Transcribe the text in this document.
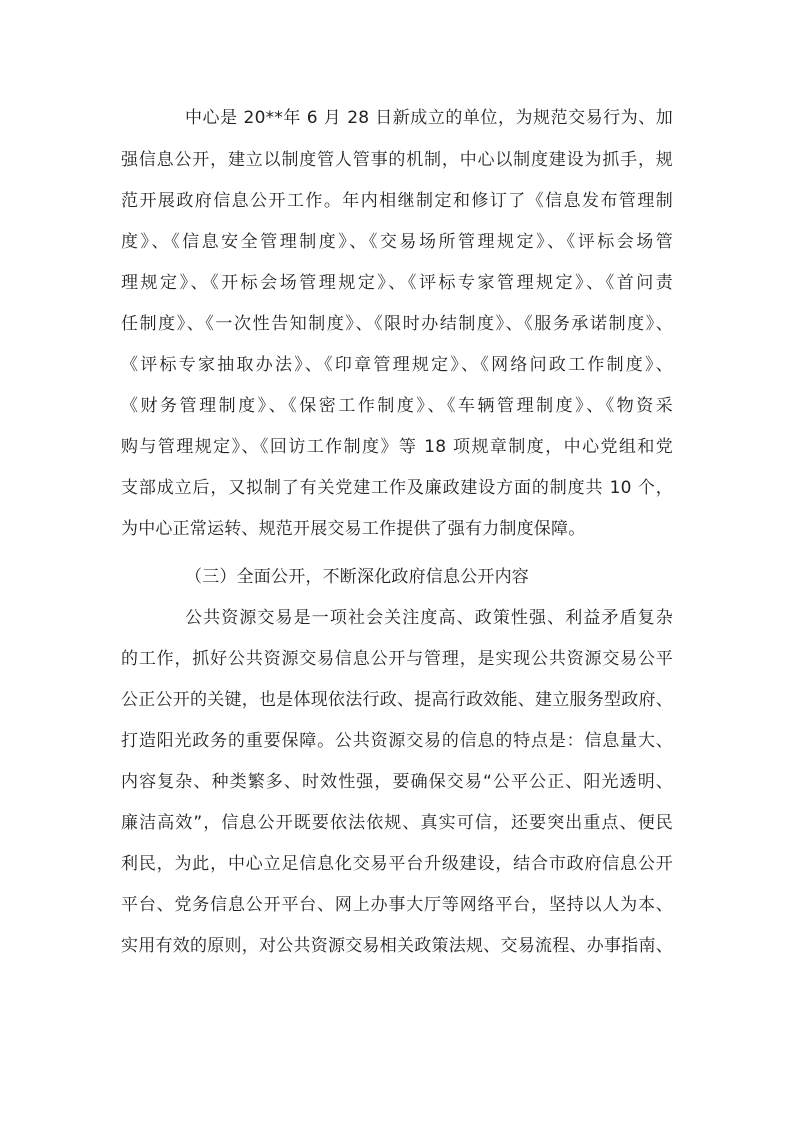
中心是 20**年 6 月 28 日新成立的单位，为规范交易行为、加
强信息公开，建立以制度管人管事的机制，中心以制度建设为抓手，规
范开展政府信息公开工作。年内相继制定和修订了《信息发布管理制
度》、《信息安全管理制度》、《交易场所管理规定》、《评标会场管
理规定》、《开标会场管理规定》、《评标专家管理规定》、《首问责
任制度》、《一次性告知制度》、《限时办结制度》、《服务承诺制度》、
《评标专家抽取办法》、《印章管理规定》、《网络问政工作制度》、
《财务管理制度》、《保密工作制度》、《车辆管理制度》、《物资采
购与管理规定》、《回访工作制度》等 18 项规章制度，中心党组和党
支部成立后，又拟制了有关党建工作及廉政建设方面的制度共 10 个，
为中心正常运转、规范开展交易工作提供了强有力制度保障。
（三）全面公开，不断深化政府信息公开内容
公共资源交易是一项社会关注度高、政策性强、利益矛盾复杂
的工作，抓好公共资源交易信息公开与管理，是实现公共资源交易公平
公正公开的关键，也是体现依法行政、提高行政效能、建立服务型政府、
打造阳光政务的重要保障。公共资源交易的信息的特点是：信息量大、
内容复杂、种类繁多、时效性强，要确保交易“公平公正、阳光透明、
廉洁高效”，信息公开既要依法依规、真实可信，还要突出重点、便民
利民，为此，中心立足信息化交易平台升级建设，结合市政府信息公开
平台、党务信息公开平台、网上办事大厅等网络平台，坚持以人为本、
实用有效的原则，对公共资源交易相关政策法规、交易流程、办事指南、
